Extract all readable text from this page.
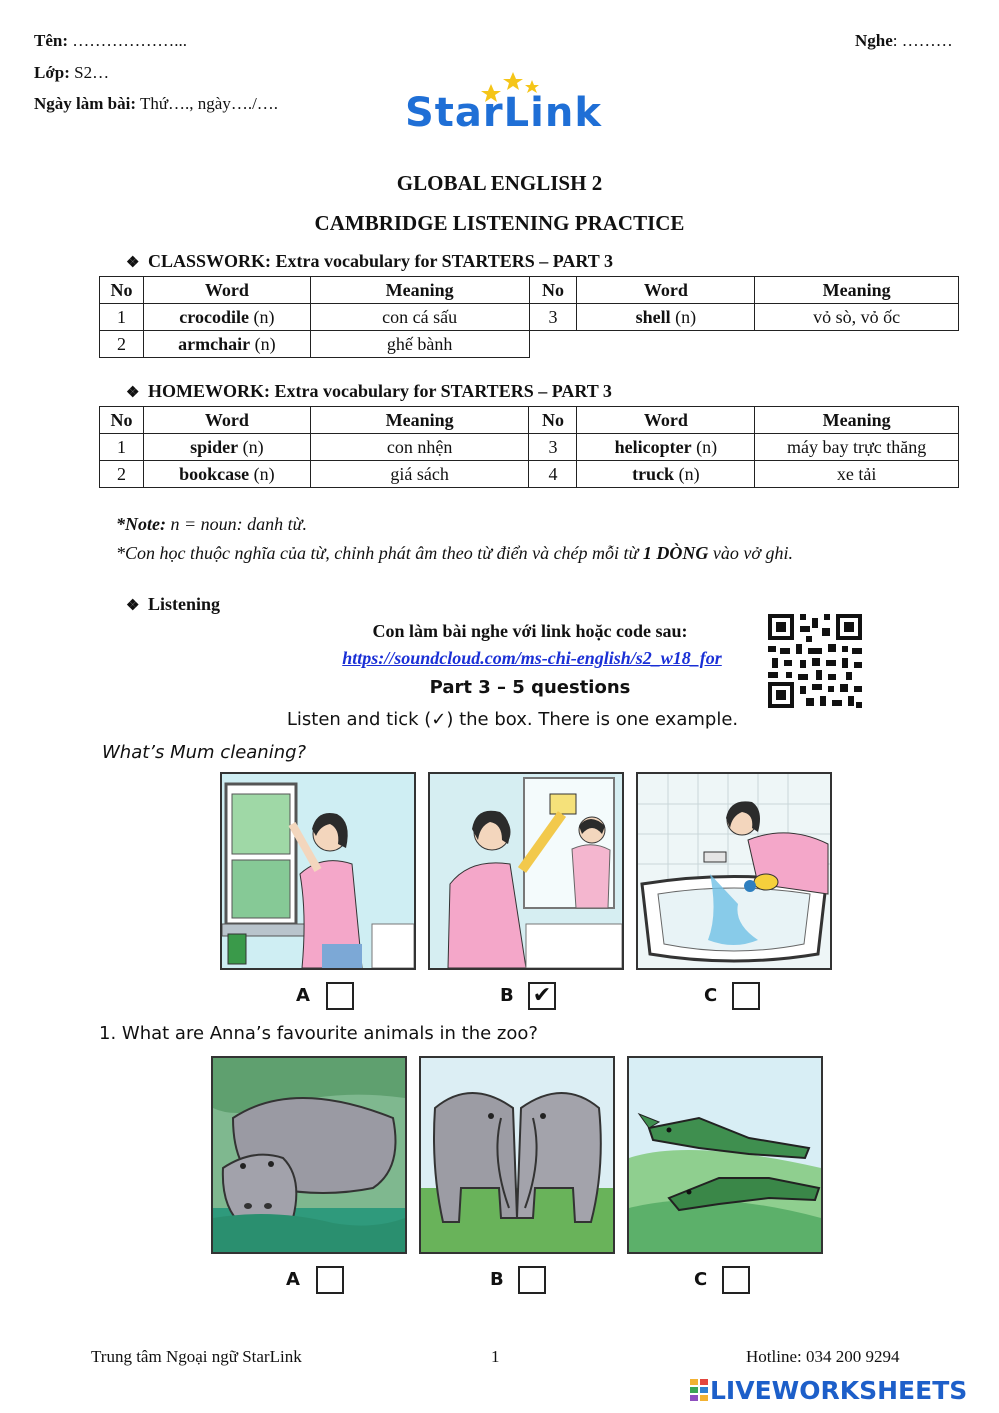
Tên: ………………...
Lớp: S2…
Ngày làm bài: Thứ…., ngày…./….
Nghe: ………
StarLink
GLOBAL ENGLISH 2
CAMBRIDGE LISTENING PRACTICE
❖ CLASSWORK: Extra vocabulary for STARTERS – PART 3
No	Word	Meaning	No	Word	Meaning
1	crocodile (n)	con cá sấu	3	shell (n)	vỏ sò, vỏ ốc
2	armchair (n)	ghế bành			
❖ HOMEWORK: Extra vocabulary for STARTERS – PART 3
No	Word	Meaning	No	Word	Meaning
1	spider (n)	con nhện	3	helicopter (n)	máy bay trực thăng
2	bookcase (n)	giá sách	4	truck (n)	xe tải
*Note: n = noun: danh từ.
*Con học thuộc nghĩa của từ, chỉnh phát âm theo từ điển và chép mỗi từ 1 DÒNG vào vở ghi.
❖ Listening
Con làm bài nghe với link hoặc code sau:
https://soundcloud.com/ms-chi-english/s2_w18_for
Part 3 – 5 questions
Listen and tick (✓) the box. There is one example.
What’s Mum cleaning?
A	B ✔	C
1. What are Anna’s favourite animals in the zoo?
A	B	C
Trung tâm Ngoại ngữ StarLink	1	Hotline: 034 200 9294
LIVEWORKSHEETS
